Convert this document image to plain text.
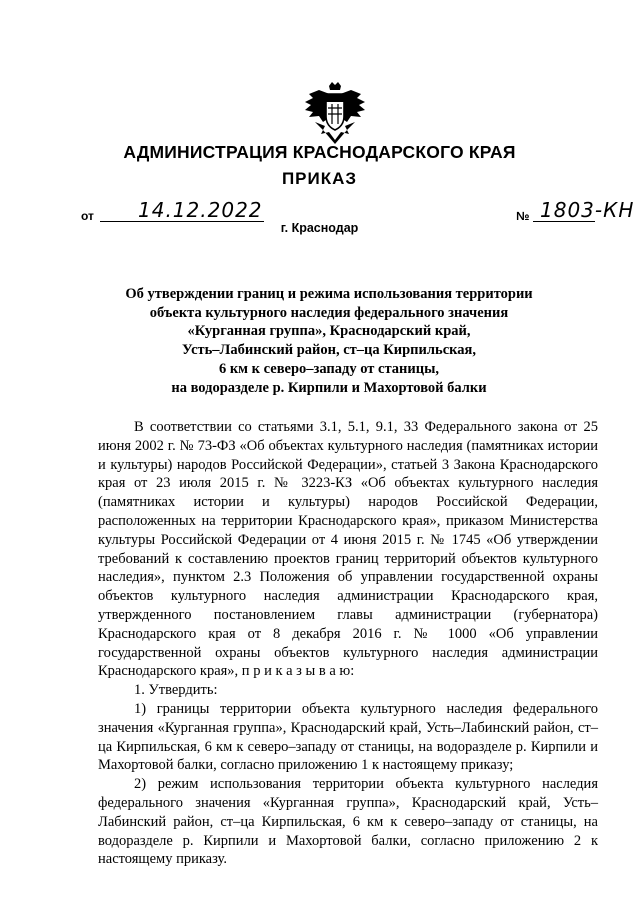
АДМИНИСТРАЦИЯ КРАСНОДАРСКОГО КРАЯ
ПРИКАЗ
от 14.12.2022
г. Краснодар
№ 1803-КН
Об утверждении границ и режима использования территории
объекта культурного наследия федерального значения
«Курганная группа», Краснодарский край,
Усть–Лабинский район, ст–ца Кирпильская,
6 км к северо–западу от станицы,
на водоразделе р. Кирпили и Махортовой балки

В соответствии со статьями 3.1, 5.1, 9.1, 33 Федерального закона от 25 июня 2002 г. № 73-ФЗ «Об объектах культурного наследия (памятниках истории и культуры) народов Российской Федерации», статьей 3 Закона Краснодарского края от 23 июля 2015 г. № 3223-КЗ «Об объектах культурного наследия (памятниках истории и культуры) народов Российской Федерации, расположенных на территории Краснодарского края», приказом Министерства культуры Российской Федерации от 4 июня 2015 г. № 1745 «Об утверждении требований к составлению проектов границ территорий объектов культурного наследия», пунктом 2.3 Положения об управлении государственной охраны объектов культурного наследия администрации Краснодарского края, утвержденного постановлением главы администрации (губернатора) Краснодарского края от 8 декабря 2016 г. № 1000 «Об управлении государственной охраны объектов культурного наследия администрации Краснодарского края», п р и к а з ы в а ю:

1. Утвердить:

1) границы территории объекта культурного наследия федерального значения «Курганная группа», Краснодарский край, Усть–Лабинский район, ст–ца Кирпильская, 6 км к северо–западу от станицы, на водоразделе р. Кирпили и Махортовой балки, согласно приложению 1 к настоящему приказу;

2) режим использования территории объекта культурного наследия федерального значения «Курганная группа», Краснодарский край, Усть–Лабинский район, ст–ца Кирпильская, 6 км к северо–западу от станицы, на водоразделе р. Кирпили и Махортовой балки, согласно приложению 2 к настоящему приказу.
